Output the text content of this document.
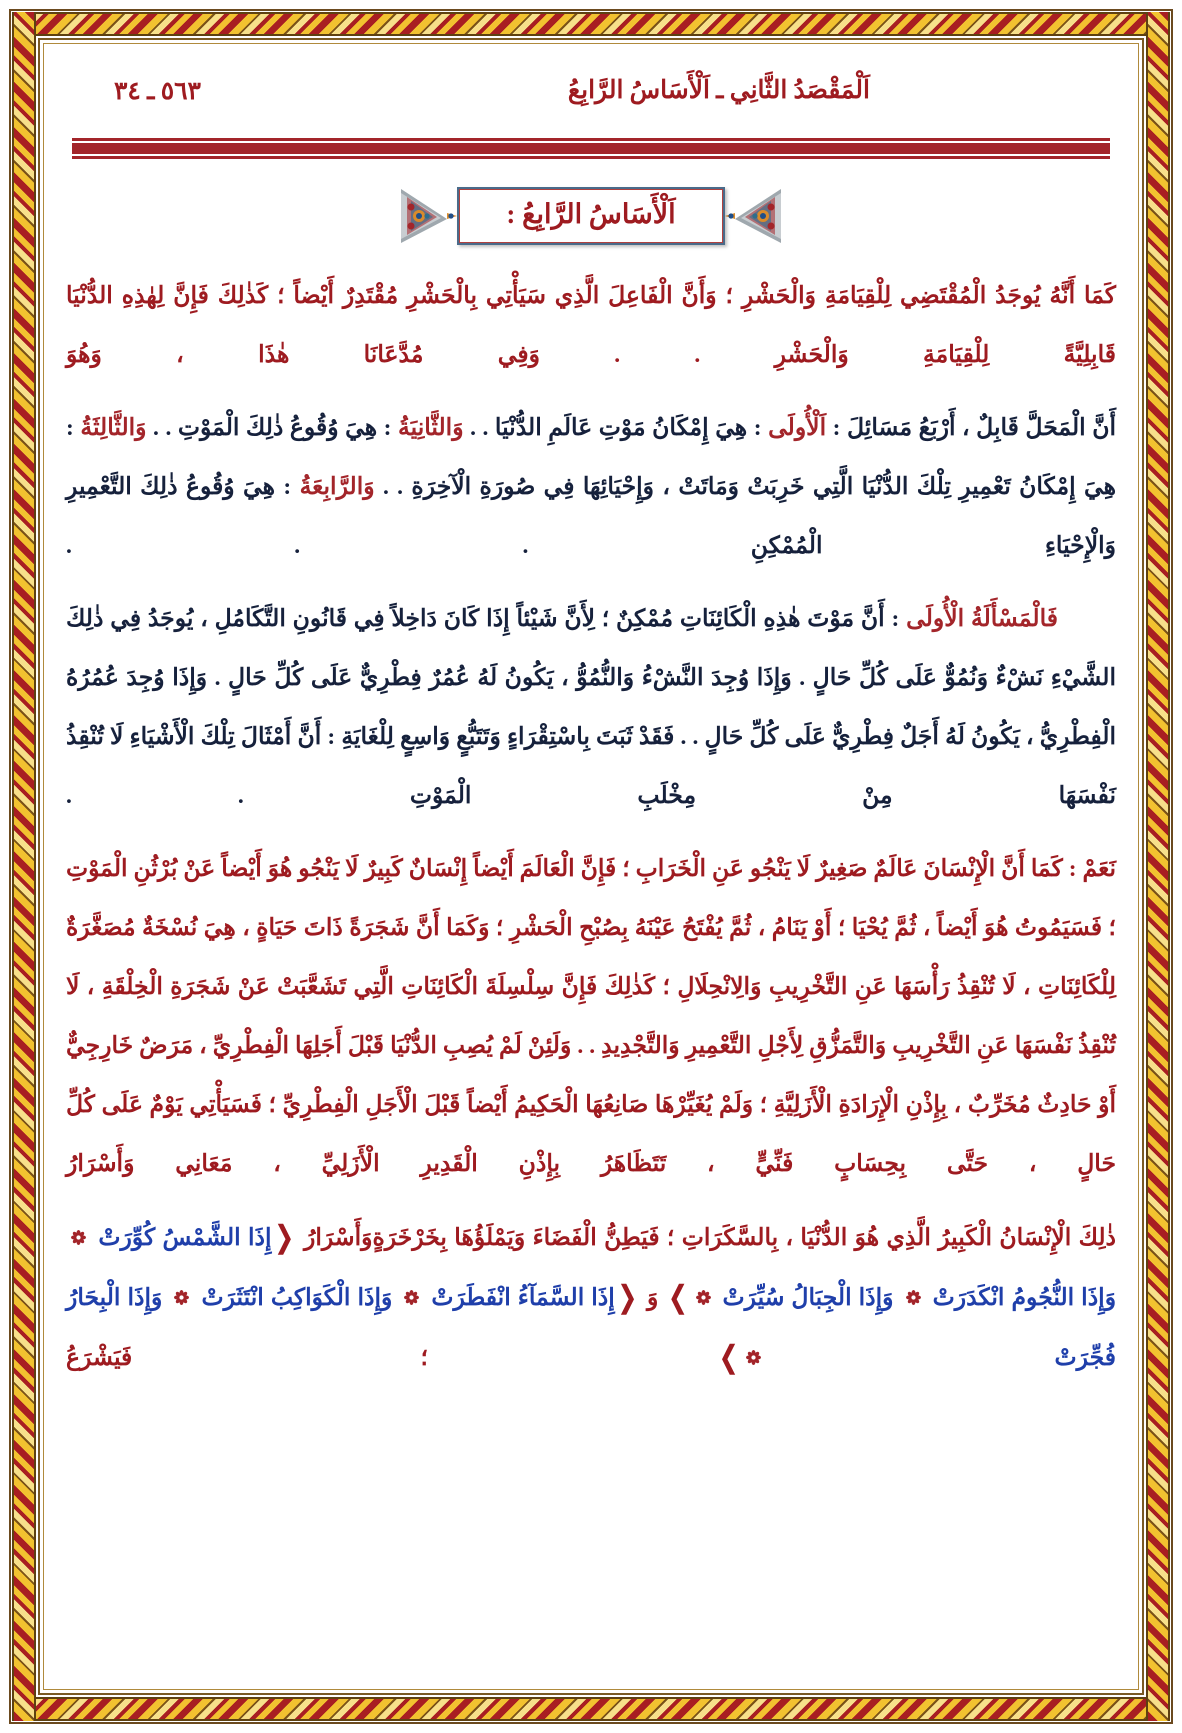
اَلْمَقْصَدُ الثَّانِي ـ اَلْأَسَاسُ الرَّابِعُ
٥٦٣ ـ ٣٤
اَلْأَسَاسُ الرَّابِعُ :

كَمَا أَنَّهُ يُوجَدُ الْمُقْتَضِي لِلْقِيَامَةِ وَالْحَشْرِ ؛ وَأَنَّ الْفَاعِلَ الَّذِي سَيَأْتِي بِالْحَشْرِ مُقْتَدِرٌ أَيْضاً ؛ كَذٰلِكَ فَإِنَّ لِهٰذِهِ الدُّنْيَا قَابِلِيَّةً لِلْقِيَامَةِ وَالْحَشْرِ . . وَفِي مُدَّعَانَا هٰذَا ، وَهُوَ

أَنَّ الْمَحَلَّ قَابِلٌ ، أَرْبَعُ مَسَائِلَ : اَلْأُولَى : هِيَ إِمْكَانُ مَوْتِ عَالَمِ الدُّنْيَا . . وَالثَّانِيَةُ : هِيَ وُقُوعُ ذٰلِكَ الْمَوْتِ . . وَالثَّالِثَةُ : هِيَ إِمْكَانُ تَعْمِيرِ تِلْكَ الدُّنْيَا الَّتِي خَرِبَتْ وَمَاتَتْ ، وَإِحْيَائِهَا فِي صُورَةِ الْآخِرَةِ . . وَالرَّابِعَةُ : هِيَ وُقُوعُ ذٰلِكَ التَّعْمِيرِ وَالْإِحْيَاءِ الْمُمْكِنِ . . .

فَالْمَسْأَلَةُ الْأُولَى : أَنَّ مَوْتَ هٰذِهِ الْكَائِنَاتِ مُمْكِنٌ ؛ لِأَنَّ شَيْئاً إِذَا كَانَ دَاخِلاً فِي قَانُونِ التَّكَامُلِ ، يُوجَدُ فِي ذٰلِكَ الشَّيْءِ نَشْءٌ وَنُمُوٌّ عَلَى كُلِّ حَالٍ . وَإِذَا وُجِدَ النَّشْءُ وَالنُّمُوُّ ، يَكُونُ لَهُ عُمُرٌ فِطْرِيٌّ عَلَى كُلِّ حَالٍ . وَإِذَا وُجِدَ عُمُرُهُ الْفِطْرِيُّ ، يَكُونُ لَهُ أَجَلٌ فِطْرِيٌّ عَلَى كُلِّ حَالٍ . . فَقَدْ ثَبَتَ بِاسْتِقْرَاءٍ وَتَتَبُّعٍ وَاسِعٍ لِلْغَايَةِ : أَنَّ أَمْثَالَ تِلْكَ الْأَشْيَاءِ لَا تُنْقِذُ نَفْسَهَا مِنْ مِخْلَبِ الْمَوْتِ . .

نَعَمْ : كَمَا أَنَّ الْإِنْسَانَ عَالَمٌ صَغِيرٌ لَا يَنْجُو عَنِ الْخَرَابِ ؛ فَإِنَّ الْعَالَمَ أَيْضاً إِنْسَانٌ كَبِيرٌ لَا يَنْجُو هُوَ أَيْضاً عَنْ بُرْثُنِ الْمَوْتِ ؛ فَسَيَمُوتُ هُوَ أَيْضاً ، ثُمَّ يُحْيَا ؛ أَوْ يَنَامُ ، ثُمَّ يُفْتَحُ عَيْنَهُ بِصُبْحِ الْحَشْرِ ؛ وَكَمَا أَنَّ شَجَرَةً ذَاتَ حَيَاةٍ ، هِيَ نُسْخَةٌ مُصَغَّرَةٌ لِلْكَائِنَاتِ ، لَا تُنْقِذُ رَأْسَهَا عَنِ التَّخْرِيبِ وَالِانْحِلَالِ ؛ كَذٰلِكَ فَإِنَّ سِلْسِلَةَ الْكَائِنَاتِ الَّتِي تَشَعَّبَتْ عَنْ شَجَرَةِ الْخِلْقَةِ ، لَا تُنْقِذُ نَفْسَهَا عَنِ التَّخْرِيبِ وَالتَّمَزُّقِ لِأَجْلِ التَّعْمِيرِ وَالتَّجْدِيدِ . . وَلَئِنْ لَمْ يُصِبِ الدُّنْيَا قَبْلَ أَجَلِهَا الْفِطْرِيِّ ، مَرَضٌ خَارِجِيٌّ أَوْ حَادِثٌ مُخَرِّبٌ ، بِإِذْنِ الْإِرَادَةِ الْأَزَلِيَّةِ ؛ وَلَمْ يُغَيِّرْهَا صَانِعُهَا الْحَكِيمُ أَيْضاً قَبْلَ الْأَجَلِ الْفِطْرِيِّ ؛ فَسَيَأْتِي يَوْمٌ عَلَى كُلِّ حَالٍ ، حَتَّى بِحِسَابٍ فَنِّيٍّ ، تَتَظَاهَرُ بِإِذْنِ الْقَدِيرِ الْأَزَلِيِّ ، مَعَانِي وَأَسْرَارُ

ذٰلِكَ الْإِنْسَانُ الْكَبِيرُ الَّذِي هُوَ الدُّنْيَا ، بِالسَّكَرَاتِ ؛ فَيَطِنُّ الْفَضَاءَ وَيَمْلَؤُهَا بِخَرْخَرَةٍوَأَسْرَارُ ❬إِذَا الشَّمْسُ كُوِّرَتْ  وَإِذَا النُّجُومُ انْكَدَرَتْ  وَإِذَا الْجِبَالُ سُيِّرَتْ ❭ وَ ❬إِذَا السَّمَآءُ انْفَطَرَتْ  وَإِذَا الْكَوَاكِبُ انْتَثَرَتْ  وَإِذَا الْبِحَارُ فُجِّرَتْ ❭ ؛ فَيَشْرَعُ
